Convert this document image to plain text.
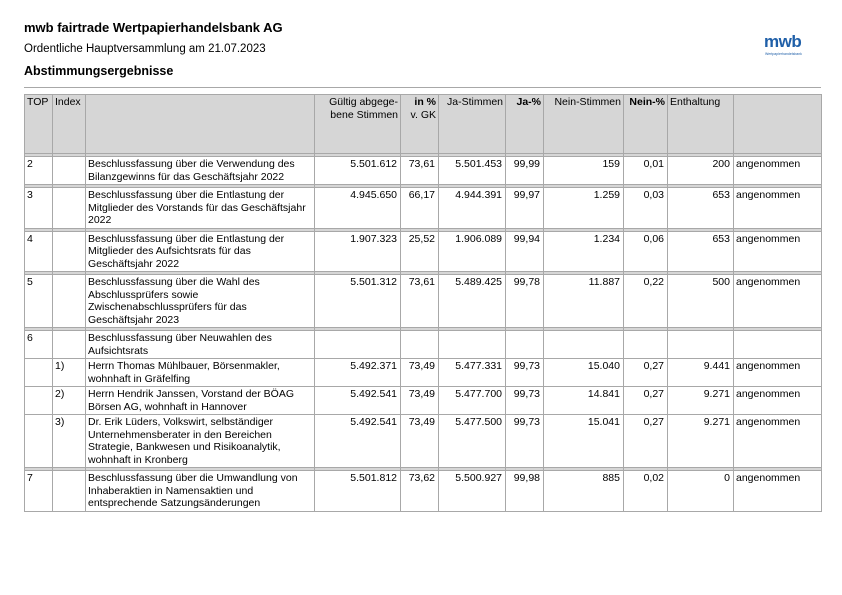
mwb fairtrade Wertpapierhandelsbank AG
Ordentliche Hauptversammlung am 21.07.2023
Abstimmungsergebnisse
mwb
Wertpapierhandelsbank
TOP	Index		Gültig abgege-bene Stimmen	in %
v. GK	Ja-Stimmen	Ja-%	Nein-Stimmen	Nein-%	Enthaltung	

2		Beschlussfassung über die Verwendung des Bilanzgewinns für das Geschäftsjahr 2022	5.501.612	73,61	5.501.453	99,99	159	0,01	200	angenommen

3		Beschlussfassung über die Entlastung der Mitglieder des Vorstands für das Geschäftsjahr 2022	4.945.650	66,17	4.944.391	99,97	1.259	0,03	653	angenommen

4		Beschlussfassung über die Entlastung der Mitglieder des Aufsichtsrats für das Geschäftsjahr 2022	1.907.323	25,52	1.906.089	99,94	1.234	0,06	653	angenommen

5		Beschlussfassung über die Wahl des Abschlussprüfers sowie Zwischenabschlussprüfers für das Geschäftsjahr 2023	5.501.312	73,61	5.489.425	99,78	11.887	0,22	500	angenommen

6		Beschlussfassung über Neuwahlen des Aufsichtsrats								
	1)	Herrn Thomas Mühlbauer, Börsenmakler, wohnhaft in Gräfelfing	5.492.371	73,49	5.477.331	99,73	15.040	0,27	9.441	angenommen
	2)	Herrn Hendrik Janssen, Vorstand der BÖAG Börsen AG, wohnhaft in Hannover	5.492.541	73,49	5.477.700	99,73	14.841	0,27	9.271	angenommen
	3)	Dr. Erik Lüders, Volkswirt, selbständiger Unternehmensberater in den Bereichen Strategie, Bankwesen und Risikoanalytik, wohnhaft in Kronberg	5.492.541	73,49	5.477.500	99,73	15.041	0,27	9.271	angenommen

7		Beschlussfassung über die Umwandlung von Inhaberaktien in Namensaktien und entsprechende Satzungsänderungen	5.501.812	73,62	5.500.927	99,98	885	0,02	0	angenommen
